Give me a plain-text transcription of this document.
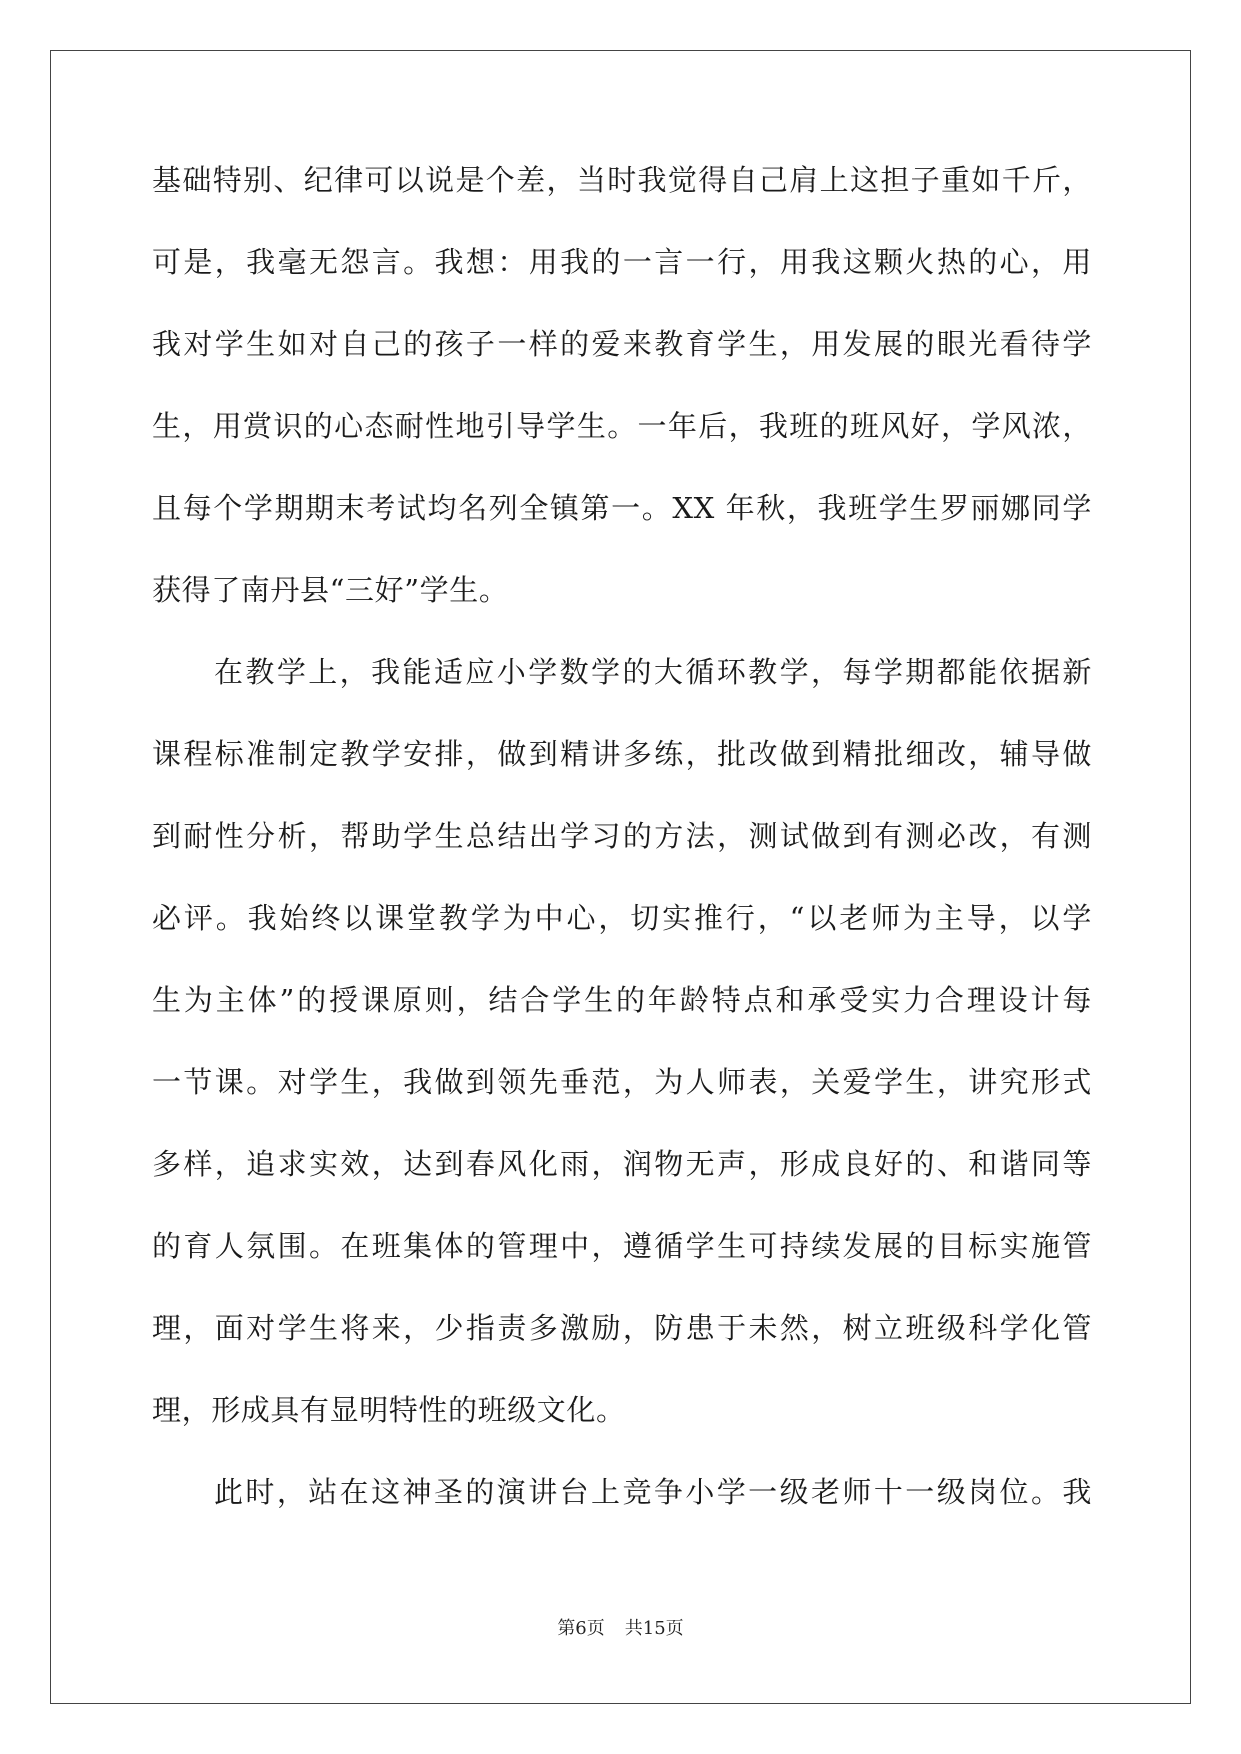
基础特别、纪律可以说是个差，当时我觉得自己肩上这担子重如千斤，
可是，我毫无怨言。我想：用我的一言一行，用我这颗火热的心，用
我对学生如对自己的孩子一样的爱来教育学生，用发展的眼光看待学
生，用赏识的心态耐性地引导学生。一年后，我班的班风好，学风浓，
且每个学期期末考试均名列全镇第一。XX 年秋，我班学生罗丽娜同学
获得了南丹县“三好”学生。
在教学上，我能适应小学数学的大循环教学，每学期都能依据新
课程标准制定教学安排，做到精讲多练，批改做到精批细改，辅导做
到耐性分析，帮助学生总结出学习的方法，测试做到有测必改，有测
必评。我始终以课堂教学为中心，切实推行，“以老师为主导，以学
生为主体”的授课原则，结合学生的年龄特点和承受实力合理设计每
一节课。对学生，我做到领先垂范，为人师表，关爱学生，讲究形式
多样，追求实效，达到春风化雨，润物无声，形成良好的、和谐同等
的育人氛围。在班集体的管理中，遵循学生可持续发展的目标实施管
理，面对学生将来，少指责多激励，防患于未然，树立班级科学化管
理，形成具有显明特性的班级文化。
此时，站在这神圣的演讲台上竞争小学一级老师十一级岗位。我
第6页 共15页
